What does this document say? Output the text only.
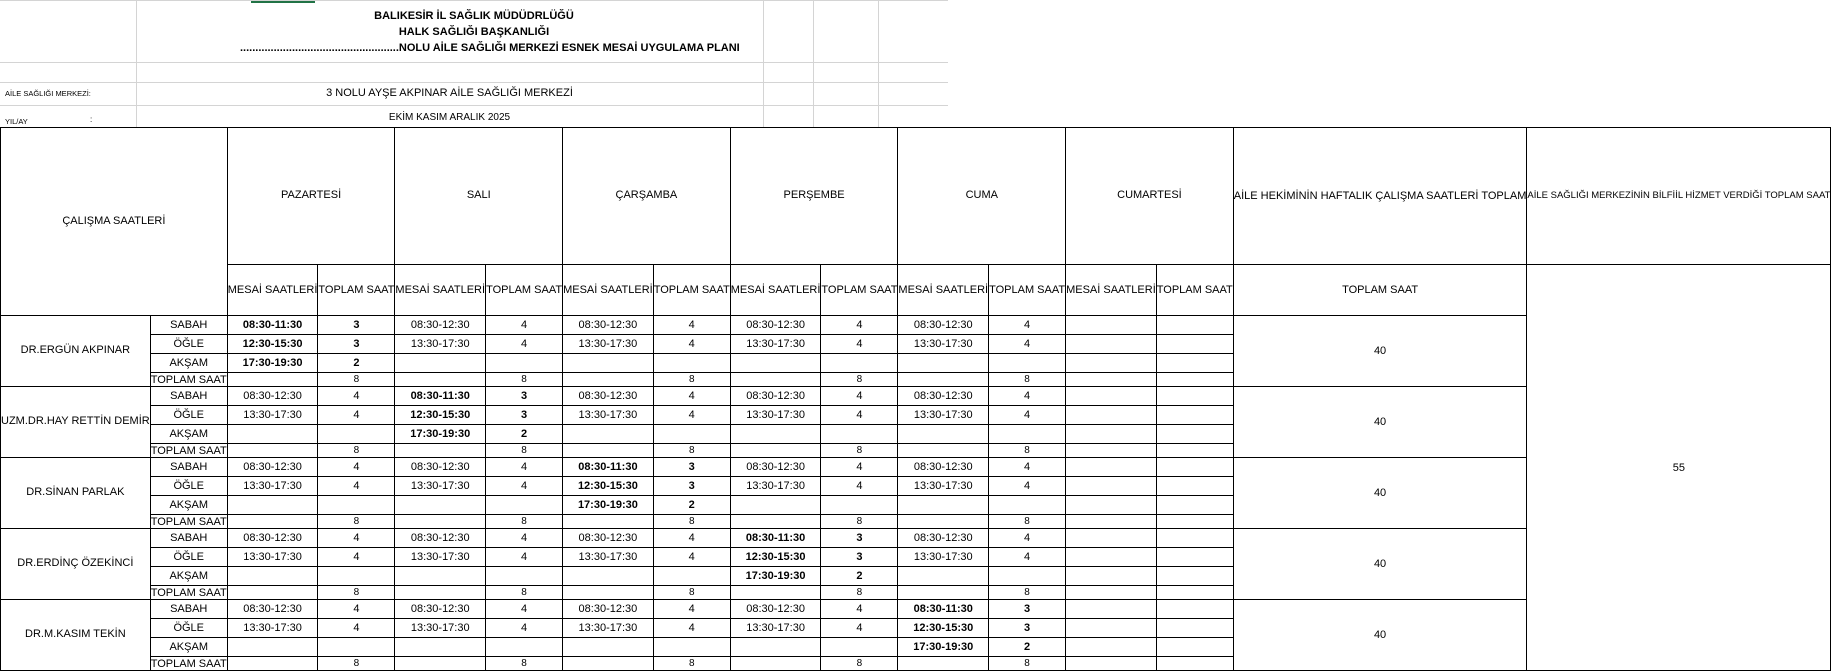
BALIKESİR İL SAĞLIK MÜDÜDRLÜĞÜ
HALK SAĞLIĞI BAŞKANLIĞI
....................................................NOLU AİLE SAĞLIĞI MERKEZİ ESNEK MESAİ UYGULAMA PLANI
AİLE SAĞLIĞI MERKEZİ:	3 NOLU AYŞE AKPINAR AİLE SAĞLIĞI MERKEZİ
YIL/AY	:	EKİM KASIM ARALIK 2025
ÇALIŞMA SAATLERİ		PAZARTESİ		SALI		ÇARŞAMBA		PERŞEMBE		CUMA		CUMARTESİ		AİLE HEKİMİNİN HAFTALIK ÇALIŞMA SAATLERİ TOPLAM	AİLE SAĞLIĞI MERKEZİNİN BİLFİİL HİZMET VERDİĞİ TOPLAM SAAT
		MESAİ SAATLERİ	TOPLAM SAAT	MESAİ SAATLERİ	TOPLAM SAAT	MESAİ SAATLERİ	TOPLAM SAAT	MESAİ SAATLERİ	TOPLAM SAAT	MESAİ SAATLERİ	TOPLAM SAAT	MESAİ SAATLERİ	TOPLAM SAAT	TOPLAM SAAT	55
DR.ERGÜN AKPINAR	SABAH	08:30-11:30	3	08:30-12:30	4	08:30-12:30	4	08:30-12:30	4	08:30-12:30	4			40	
	ÖĞLE	12:30-15:30	3	13:30-17:30	4	13:30-17:30	4	13:30-17:30	4	13:30-17:30	4				
	AKŞAM	17:30-19:30	2												
	TOPLAM SAAT		8		8		8		8		8				
UZM.DR.HAY RETTİN DEMİR	SABAH	08:30-12:30	4	08:30-11:30	3	08:30-12:30	4	08:30-12:30	4	08:30-12:30	4			40	
	ÖĞLE	13:30-17:30	4	12:30-15:30	3	13:30-17:30	4	13:30-17:30	4	13:30-17:30	4				
	AKŞAM			17:30-19:30	2										
	TOPLAM SAAT		8		8		8		8		8				
DR.SİNAN PARLAK	SABAH	08:30-12:30	4	08:30-12:30	4	08:30-11:30	3	08:30-12:30	4	08:30-12:30	4			40	
	ÖĞLE	13:30-17:30	4	13:30-17:30	4	12:30-15:30	3	13:30-17:30	4	13:30-17:30	4				
	AKŞAM					17:30-19:30	2								
	TOPLAM SAAT		8		8		8		8		8				
DR.ERDİNÇ ÖZEKİNCİ	SABAH	08:30-12:30	4	08:30-12:30	4	08:30-12:30	4	08:30-11:30	3	08:30-12:30	4			40	
	ÖĞLE	13:30-17:30	4	13:30-17:30	4	13:30-17:30	4	12:30-15:30	3	13:30-17:30	4				
	AKŞAM							17:30-19:30	2						
	TOPLAM SAAT		8		8		8		8		8				
DR.M.KASIM TEKİN	SABAH	08:30-12:30	4	08:30-12:30	4	08:30-12:30	4	08:30-12:30	4	08:30-11:30	3			40	
	ÖĞLE	13:30-17:30	4	13:30-17:30	4	13:30-17:30	4	13:30-17:30	4	12:30-15:30	3				
	AKŞAM									17:30-19:30	2				
	TOPLAM SAAT		8		8		8		8		8				
